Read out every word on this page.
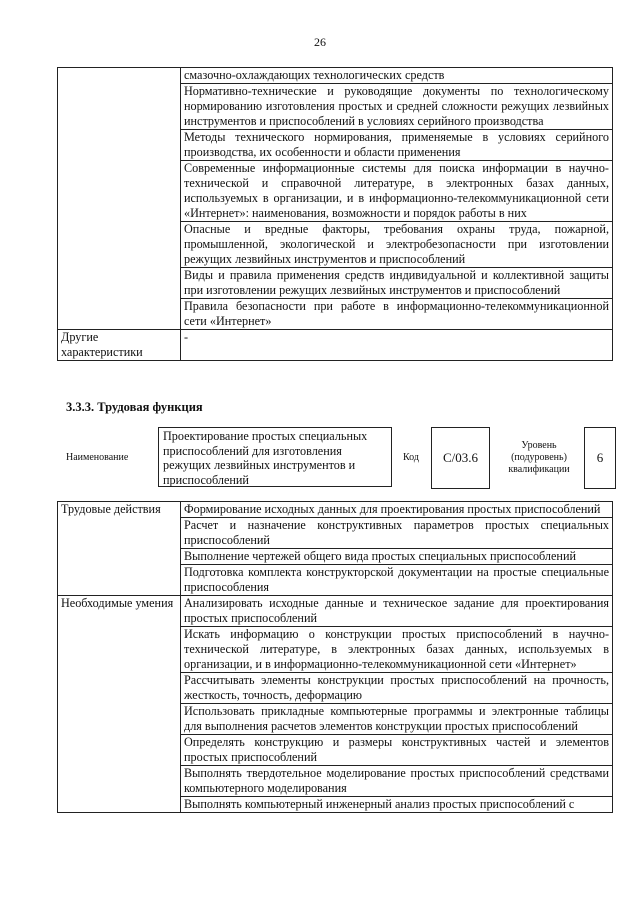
26
	смазочно-охлаждающих технологических средств
	Нормативно-технические и руководящие документы по технологическому нормированию изготовления простых и средней сложности режущих лезвийных инструментов и приспособлений в условиях серийного производства
	Методы технического нормирования, применяемые в условиях серийного производства, их особенности и области применения
	Современные информационные системы для поиска информации в научно-технической и справочной литературе, в электронных базах данных, используемых в организации, и в информационно-телекоммуникационной сети «Интернет»: наименования, возможности и порядок работы в них
	Опасные и вредные факторы, требования охраны труда, пожарной, промышленной, экологической и электробезопасности при изготовлении режущих лезвийных инструментов и приспособлений
	Виды и правила применения средств индивидуальной и коллективной защиты при изготовлении режущих лезвийных инструментов и приспособлений
	Правила безопасности при работе в информационно-телекоммуникационной сети «Интернет»
Другие характеристики	-
3.3.3. Трудовая функция
Наименование
Проектирование простых специальных приспособлений для изготовления режущих лезвийных инструментов и приспособлений
Код	С/03.6
Уровень (подуровень) квалификации
6
Трудовые действия	Формирование исходных данных для проектирования простых приспособлений
	Расчет и назначение конструктивных параметров простых специальных приспособлений
	Выполнение чертежей общего вида простых специальных приспособлений
	Подготовка комплекта конструкторской документации на простые специальные приспособления
Необходимые умения	Анализировать исходные данные и техническое задание для проектирования простых приспособлений
	Искать информацию о конструкции простых приспособлений в научно-технической литературе, в электронных базах данных, используемых в организации, и в информационно-телекоммуникационной сети «Интернет»
	Рассчитывать элементы конструкции простых приспособлений на прочность, жесткость, точность, деформацию
	Использовать прикладные компьютерные программы и электронные таблицы для выполнения расчетов элементов конструкции простых приспособлений
	Определять конструкцию и размеры конструктивных частей и элементов простых приспособлений
	Выполнять твердотельное моделирование простых приспособлений средствами компьютерного моделирования
	Выполнять компьютерный инженерный анализ простых приспособлений с
